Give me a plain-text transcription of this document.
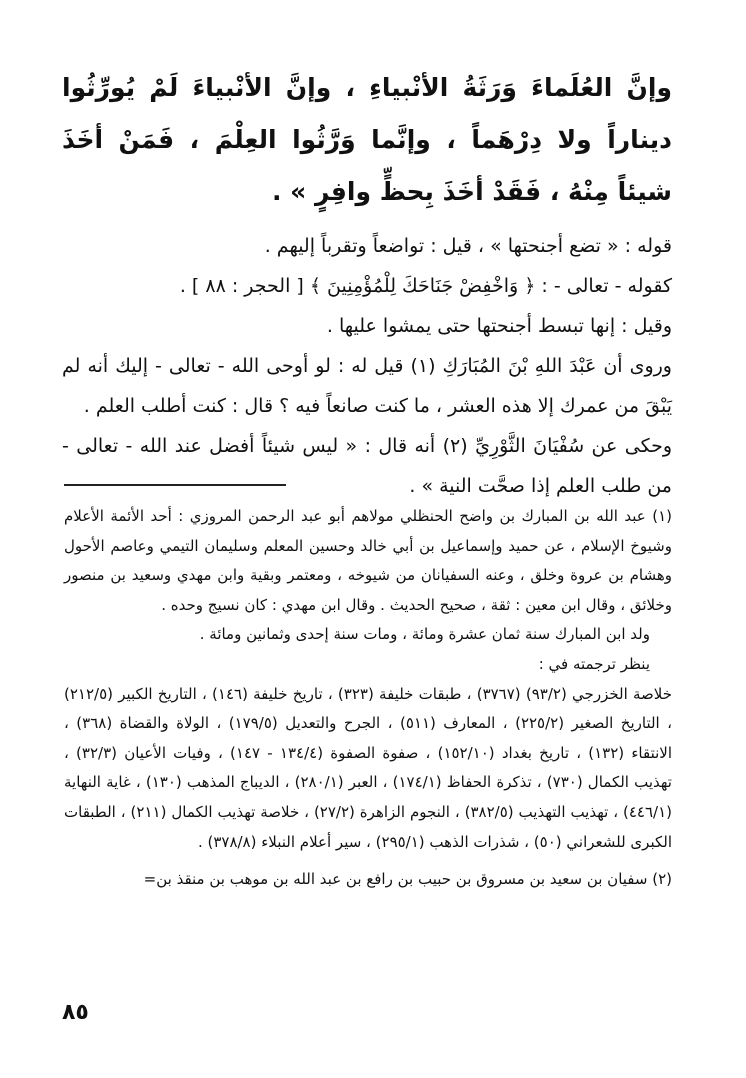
وإنَّ العُلَماءَ وَرَثَةُ الأنْبياءِ ، وإنَّ الأنْبياءَ لَمْ يُورِّثُوا ديناراً ولا دِرْهَماً ، وإنَّما وَرَّثُوا العِلْمَ ، فَمَنْ أخَذَ شيئاً مِنْهُ ، فَقَدْ أخَذَ بِحظٍّ وافِرٍ » .

قوله : « تضع أجنحتها » ، قيل : تواضعاً وتقرباً إليهم .

كقوله - تعالى - : ﴿ وَاخْفِضْ جَنَاحَكَ لِلْمُؤْمِنِينَ ﴾ [ الحجر : ٨٨ ] .

وقيل : إنها تبسط أجنحتها حتى يمشوا عليها .

وروى أن عَبْدَ اللهِ بْنَ المُبَارَكِ (١) قيل له : لو أوحى الله - تعالى - إليك أنه لم يَبْقَ من عمرك إلا هذه العشر ، ما كنت صانعاً فيه ؟ قال : كنت أطلب العلم .

وحكى عن سُفْيَانَ الثَّوْرِيِّ (٢) أنه قال : « ليس شيئاً أفضل عند الله - تعالى - من طلب العلم إذا صحَّت النية » .

(١) عبد الله بن المبارك بن واضح الحنظلي مولاهم أبو عبد الرحمن المروزي : أحد الأئمة الأعلام وشيوخ الإسلام ، عن حميد وإسماعيل بن أبي خالد وحسين المعلم وسليمان التيمي وعاصم الأحول وهشام بن عروة وخلق ، وعنه السفيانان من شيوخه ، ومعتمر وبقية وابن مهدي وسعيد بن منصور وخلائق ، وقال ابن معين : ثقة ، صحيح الحديث . وقال ابن مهدي : كان نسيج وحده .

ولد ابن المبارك سنة ثمان عشرة ومائة ، ومات سنة إحدى وثمانين ومائة .

ينظر ترجمته في :

خلاصة الخزرجي (٩٣/٢) (٣٧٦٧) ، طبقات خليفة (٣٢٣) ، تاريخ خليفة (١٤٦) ، التاريخ الكبير (٢١٢/٥) ، التاريخ الصغير (٢٢٥/٢) ، المعارف (٥١١) ، الجرح والتعديل (١٧٩/٥) ، الولاة والقضاة (٣٦٨) ، الانتقاء (١٣٢) ، تاريخ بغداد (١٥٢/١٠) ، صفوة الصفوة (١٣٤/٤ - ١٤٧) ، وفيات الأعيان (٣٢/٣) ، تهذيب الكمال (٧٣٠) ، تذكرة الحفاظ (١٧٤/١) ، العبر (٢٨٠/١) ، الديباج المذهب (١٣٠) ، غاية النهاية (٤٤٦/١) ، تهذيب التهذيب (٣٨٢/٥) ، النجوم الزاهرة (٢٧/٢) ، خلاصة تهذيب الكمال (٢١١) ، الطبقات الكبرى للشعراني (٥٠) ، شذرات الذهب (٢٩٥/١) ، سير أعلام النبلاء (٣٧٨/٨) .

(٢) سفيان بن سعيد بن مسروق بن حبيب بن رافع بن عبد الله بن موهب بن منقذ بن=

٨٥
